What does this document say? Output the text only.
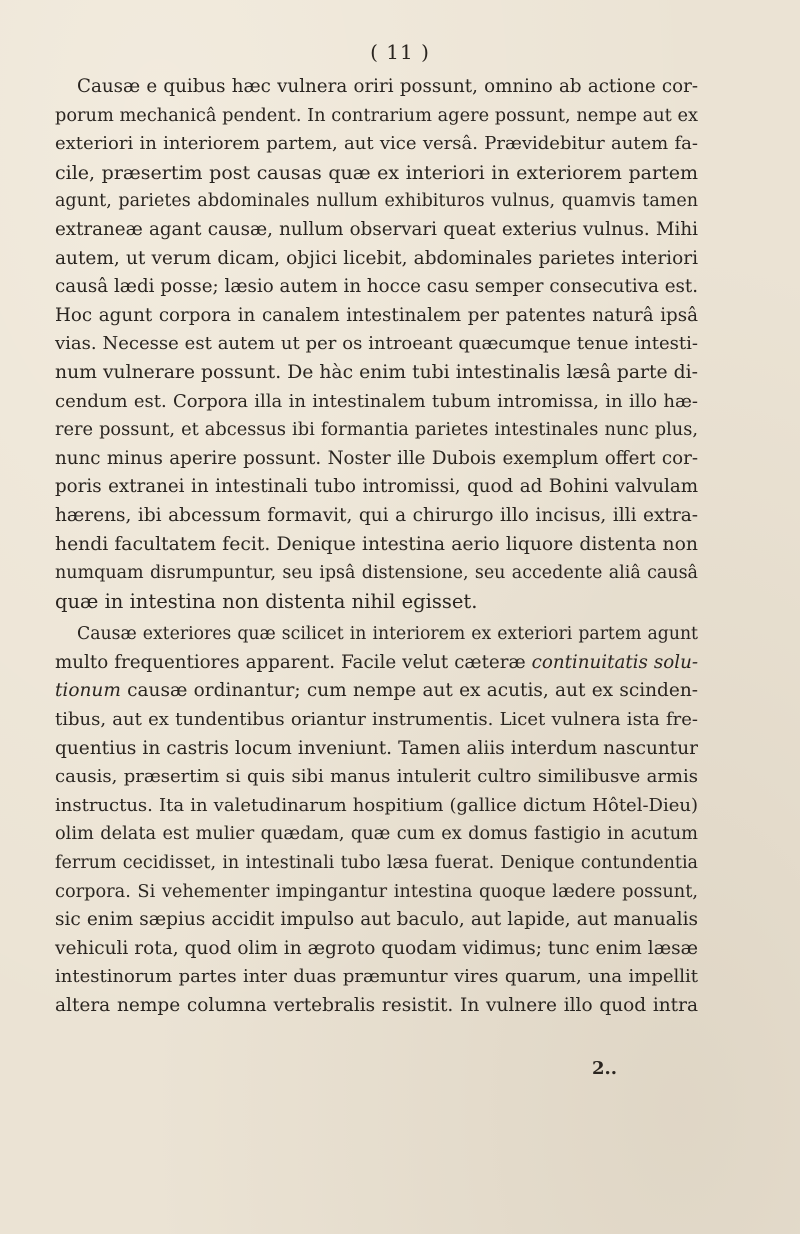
( 11 )
Causæ e quibus hæc vulnera oriri possunt, omnino ab actione cor-
porum mechanicâ pendent. In contrarium agere possunt, nempe aut ex
exteriori in interiorem partem, aut vice versâ. Prævidebitur autem fa-
cile, præsertim post causas quæ ex interiori in exteriorem partem
agunt, parietes abdominales nullum exhibituros vulnus, quamvis tamen
extraneæ agant causæ, nullum observari queat exterius vulnus. Mihi
autem, ut verum dicam, objici licebit, abdominales parietes interiori
causâ lædi posse; læsio autem in hocce casu semper consecutiva est.
Hoc agunt corpora in canalem intestinalem per patentes naturâ ipsâ
vias. Necesse est autem ut per os introeant quæcumque tenue intesti-
num vulnerare possunt. De hàc enim tubi intestinalis læsâ parte di-
cendum est. Corpora illa in intestinalem tubum intromissa, in illo hæ-
rere possunt, et abcessus ibi formantia parietes intestinales nunc plus,
nunc minus aperire possunt. Noster ille Dubois exemplum offert cor-
poris extranei in intestinali tubo intromissi, quod ad Bohini valvulam
hærens, ibi abcessum formavit, qui a chirurgo illo incisus, illi extra-
hendi facultatem fecit. Denique intestina aerio liquore distenta non
numquam disrumpuntur, seu ipsâ distensione, seu accedente aliâ causâ
quæ in intestina non distenta nihil egisset.
Causæ exteriores quæ scilicet in interiorem ex exteriori partem agunt
multo frequentiores apparent. Facile velut cæteræ continuitatis solu-
tionum causæ ordinantur; cum nempe aut ex acutis, aut ex scinden-
tibus, aut ex tundentibus oriantur instrumentis. Licet vulnera ista fre-
quentius in castris locum inveniunt. Tamen aliis interdum nascuntur
causis, præsertim si quis sibi manus intulerit cultro similibusve armis
instructus. Ita in valetudinarum hospitium (gallice dictum Hôtel-Dieu)
olim delata est mulier quædam, quæ cum ex domus fastigio in acutum
ferrum cecidisset, in intestinali tubo læsa fuerat. Denique contundentia
corpora. Si vehementer impingantur intestina quoque lædere possunt,
sic enim sæpius accidit impulso aut baculo, aut lapide, aut manualis
vehiculi rota, quod olim in ægroto quodam vidimus; tunc enim læsæ
intestinorum partes inter duas præmuntur vires quarum, una impellit
altera nempe columna vertebralis resistit. In vulnere illo quod intra
2..
